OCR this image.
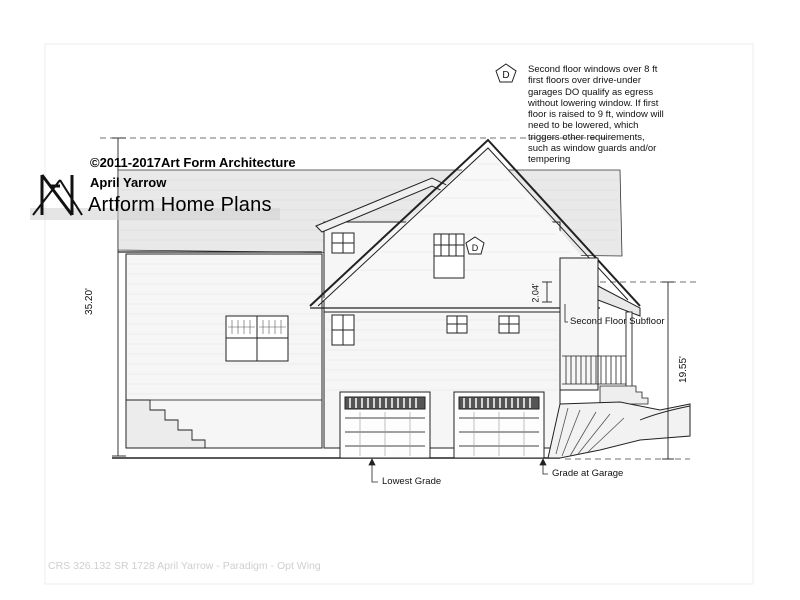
D
D
Second floor windows over 8 ft
first floors over drive-under
garages DO qualify as egress
without lowering window. If first
floor is raised to 9 ft, window will
need to be lowered, which
triggers other requirements,
such as window guards and/or
tempering
©2011-2017Art Form Architecture
April Yarrow
Artform Home Plans
35.20'	2.04'
19.55'
Second Floor Subfloor
Lowest Grade
Grade at Garage
CRS 326.132 SR 1728 April Yarrow - Paradigm - Opt Wing
